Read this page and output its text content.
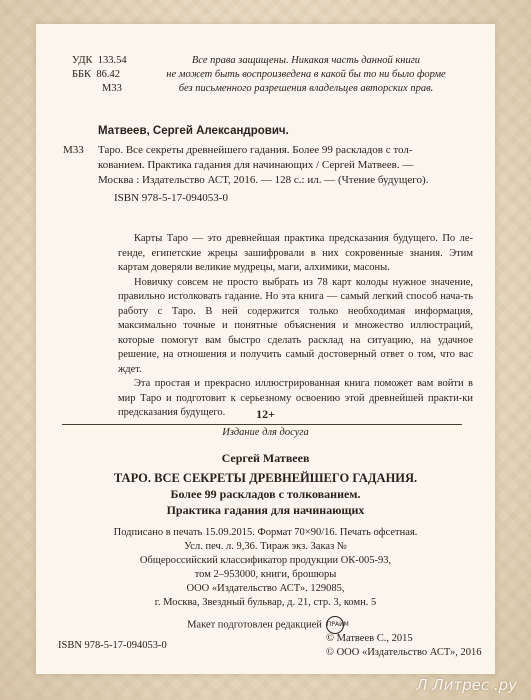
УДК 133.54
ББК 86.42
М33
Все права защищены. Никакая часть данной книги
не может быть воспроизведена в какой бы то ни было форме
без письменного разрешения владельцев авторских прав.
Матвеев, Сергей Александрович.
М33 Таро. Все секреты древнейшего гадания. Более 99 раскладов с тол-
кованием. Практика гадания для начинающих / Сергей Матвеев. —
Москва : Издательство АСТ, 2016. — 128 с.: ил. — (Чтение будущего).
ISBN 978-5-17-094053-0

Карты Таро — это древнейшая практика предсказания будущего. По ле- генде, египетские жрецы зашифровали в них сокровенные знания. Этим картам доверяли великие мудрецы, маги, алхимики, масоны.

Новичку совсем не просто выбрать из 78 карт колоды нужное значение, правильно истолковать гадание. Но эта книга — самый легкий способ нача-ть работу с Таро. В ней содержится только необходимая информация, максимально точные и понятные объяснения и множество иллюстраций, которые помогут вам быстро сделать расклад на ситуацию, на удачное решение, на отношения и получить самый достоверный ответ о том, что вас ждет.

Эта простая и прекрасно иллюстрированная книга поможет вам войти в мир Таро и подготовит к серьезному освоению этой древнейшей практи-ки предсказания будущего.	12+
Издание для досуга
Сергей Матвеев
ТАРО. ВСЕ СЕКРЕТЫ ДРЕВНЕЙШЕГО ГАДАНИЯ.
Более 99 раскладов с толкованием.
Практика гадания для начинающих
Подписано в печать 15.09.2015. Формат 70×90/16. Печать офсетная.
Усл. печ. л. 9,36. Тираж экз. Заказ №
Общероссийский классификатор продукции ОК-005-93,
том 2–953000, книги, брошюры
ООО «Издательство АСТ». 129085,
г. Москва, Звездный бульвар, д. 21, стр. 3, комн. 5
Макет подготовлен редакцией ПРАЙМ
ISBN 978-5-17-094053-0
© Матвеев С., 2015
© ООО «Издательство АСТ», 2016
Л Литрес .ру
